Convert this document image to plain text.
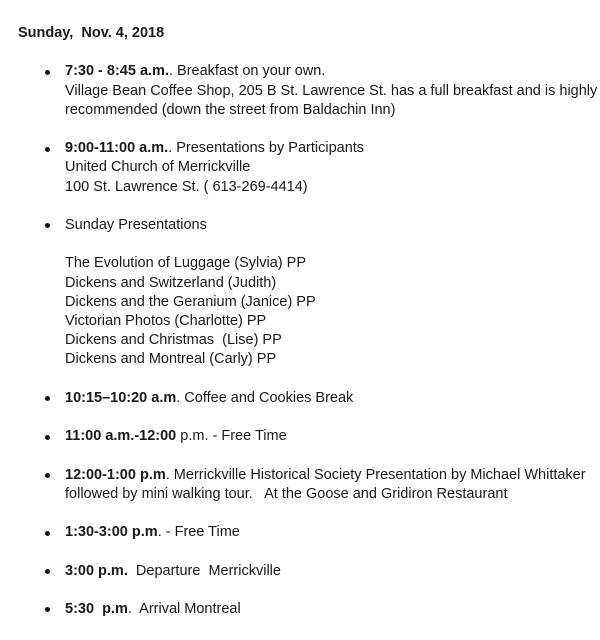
Sunday,  Nov. 4, 2018

7:30 - 8:45 a.m.. Breakfast on your own.

Village Bean Coffee Shop, 205 B St. Lawrence St. has a full breakfast and is highly

recommended (down the street from Baldachin Inn)

9:00-11:00 a.m.. Presentations by Participants

United Church of Merrickville

100 St. Lawrence St. ( 613-269-4414)

Sunday Presentations

The Evolution of Luggage (Sylvia) PP

Dickens and Switzerland (Judith)

Dickens and the Geranium (Janice) PP

Victorian Photos (Charlotte) PP

Dickens and Christmas  (Lise) PP

Dickens and Montreal (Carly) PP

10:15–10:20 a.m. Coffee and Cookies Break

11:00 a.m.-12:00 p.m. - Free Time

12:00-1:00 p.m. Merrickville Historical Society Presentation by Michael Whittaker

followed by mini walking tour.   At the Goose and Gridiron Restaurant

1:30-3:00 p.m. - Free Time

3:00 p.m.  Departure  Merrickville

5:30  p.m.  Arrival Montreal
